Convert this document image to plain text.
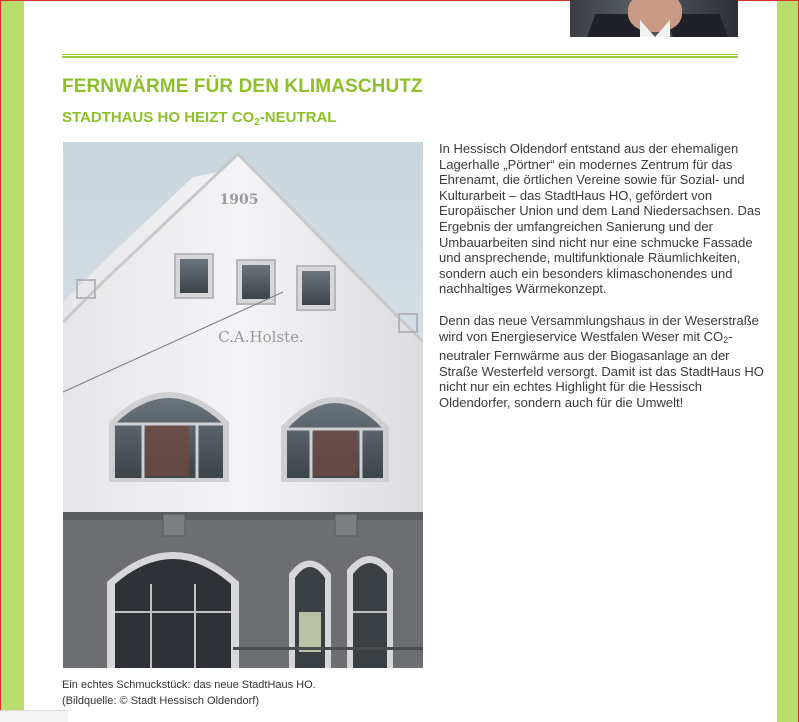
FERNWÄRME FÜR DEN KLIMASCHUTZ
STADTHAUS HO HEIZT $CO_2$-NEUTRAL
1905
C.A.Holste.
Ein echtes Schmuckstück: das neue StadtHaus HO.
(Bildquelle: © Stadt Hessisch Oldendorf)

In Hessisch Oldendorf entstand aus der ehemaligen Lagerhalle „Pörtner“ ein modernes Zentrum für das Ehrenamt, die örtlichen Vereine sowie für Sozial- und Kulturarbeit – das StadtHaus HO, gefördert von Europäischer Union und dem Land Niedersachsen. Das Ergebnis der umfangreichen Sanierung und der Umbauarbeiten sind nicht nur eine schmucke Fassade und ansprechende, multifunktionale Räumlichkeiten, sondern auch ein besonders klimaschonendes und nachhaltiges Wärmekonzept.

Denn das neue Versammlungshaus in der Weserstraße wird von Energieservice Westfalen Weser mit $CO_2$-neutraler Fernwärme aus der Biogasanlage an der Straße Westerfeld versorgt. Damit ist das StadtHaus HO nicht nur ein echtes Highlight für die Hessisch Oldendorfer, sondern auch für die Umwelt!
